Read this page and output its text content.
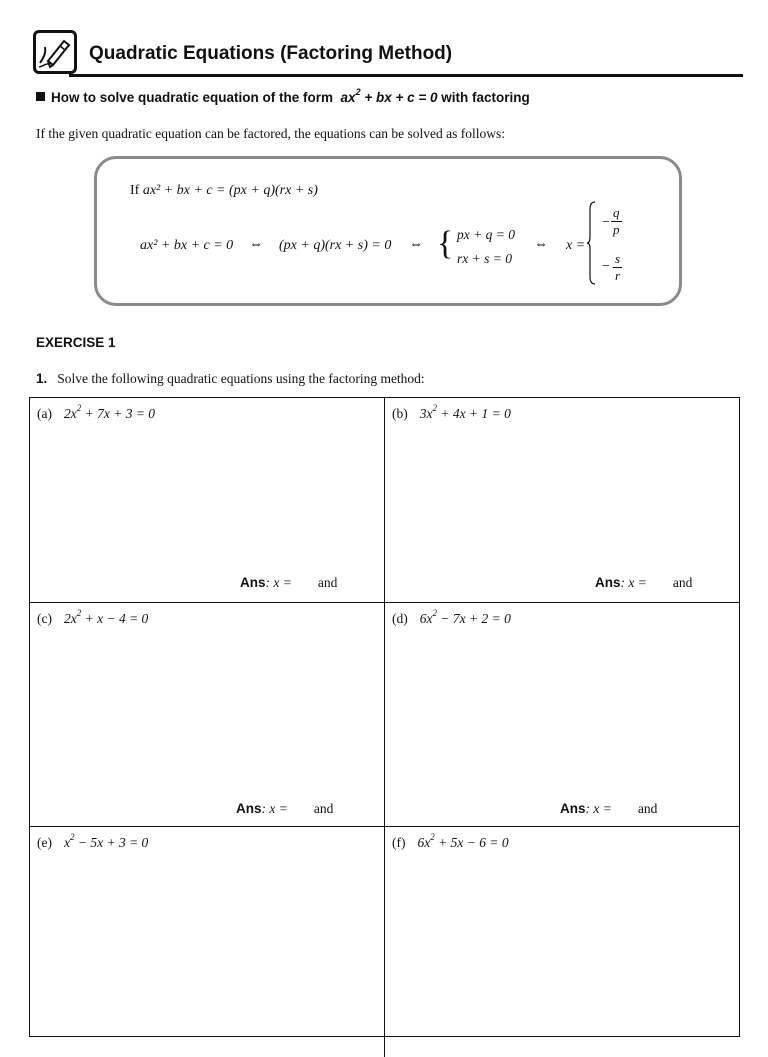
Quadratic Equations (Factoring Method)
How to solve quadratic equation of the form $ax^2$ + bx + c = 0 with factoring
If the given quadratic equation can be factored, the equations can be solved as follows:
If ax² + bx + c = (px + q)(rx + s)
ax² + bx + c = 0 ⇔ (px + q)(rx + s) = 0 ⇔ { px + q = 0
rx + s = 0
⇔ x =
− $\frac{q}{p}$
− $\frac{s}{r}$
EXERCISE 1
1. Solve the following quadratic equations using the factoring method:
(a) $2x^2 + 7x + 3 = 0$
Ans: x = and
(b) $3x^2 + 4x + 1 = 0$
Ans: x = and
(c) $2x^2 + x - 4 = 0$
Ans: x = and
(d) $6x^2 - 7x + 2 = 0$
Ans: x = and
(e) $x^2 - 5x + 3 = 0$	(f) $6x^2 + 5x - 6 = 0$
